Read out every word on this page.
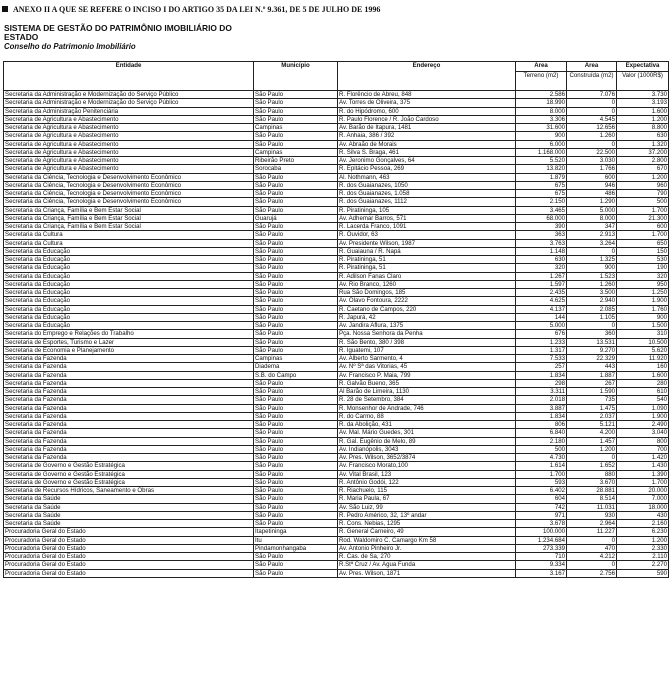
ANEXO II A QUE SE REFERE O INCISO I DO ARTIGO 35 DA LEI N.º 9.361, DE 5 DE JULHO DE 1996
SISTEMA DE GESTÃO DO PATRIMÔNIO IMOBILIÁRIO DO
ESTADO
Conselho do Patrimonio Imobiliário
Entidade	Município	Endereço	Area	Area	Expectativa
			Terreno (m2)	Construída (m2)	Valor (1000R$)
Secretaria da Administração e Modernização do Serviço Público	São Paulo	R. Florêncio de Abreu, 848	2.586	7.076	3.730
Secretaria da Administração e Modernização do Serviço Público	São Paulo	Av. Torres de Oliveira, 375	18.990	0	3.193
Secretaria da Administração Penitenciária	São Paulo	R. do Hipódromo, 600	8.000	0	1.600
Secretaria de Agricultura e Abastecimento	São Paulo	R. Paulo Florence / R. João Cardoso	3.306	4.545	1.200
Secretaria de Agricultura e Abastecimento	Campinas	Av. Barão de Itapura, 1481	31.600	12.656	8.800
Secretaria de Agricultura e Abastecimento	São Paulo	R. Anhaia, 386 / 392	900	1.260	630
Secretaria de Agricultura e Abastecimento	São Paulo	Av. Abraão de Morais	6.000	0	1.320
Secretaria de Agricultura e Abastecimento	Campinas	R. Silva S. Braga, 461	1.168.000	22.500	37.200
Secretaria de Agricultura e Abastecimento	Ribeirão Preto	Av. Jeronimo Gonçalves, 64	5.520	3.030	2.800
Secretaria de Agricultura e Abastecimento	Sorocaba	R. Epitácio Pessoa, 269	13.820	1.766	670
Secretaria da Ciência, Tecnologia e Desenvolvimento Econômico	São Paulo	Al. Nothmann, 463	1.879	600	1.200
Secretaria da Ciência, Tecnologia e Desenvolvimento Econômico	São Paulo	R. dos Guaianazes, 1050	675	946	960
Secretaria da Ciência, Tecnologia e Desenvolvimento Econômico	São Paulo	R. dos Guaianazes, 1.058	675	486	790
Secretaria da Ciência, Tecnologia e Desenvolvimento Econômico	São Paulo	R. dos Guaianazes, 1112	2.150	1.290	500
Secretaria da Criança, Família e Bem Estar Social	São Paulo	R. Piratininga, 105	3.465	5.000	1.700
Secretaria da Criança, Família e Bem Estar Social	Guarujá	Av. Adhemar Barros, 571	68.000	8.000	21.300
Secretaria da Criança, Família e Bem Estar Social	São Paulo	R. Lacerda Franco, 1091	390	347	600
Secretaria da Cultura	São Paulo	R. Ouvidor, 63	363	2.913	1.700
Secretaria da Cultura	São Paulo	Av. Presidente Wilson, 1987	3.763	3.264	650
Secretaria da Educação	São Paulo	R. Guaiauna / R. Napá	1.148	0	150
Secretaria da Educação	São Paulo	R. Piratininga, 51	630	1.325	530
Secretaria da Educação	São Paulo	R. Piratininga, 51	320	900	190
Secretaria da Educação	São Paulo	R. Adilson Fanas Claro	1.267	1.523	320
Secretaria da Educação	São Paulo	Av. Rio Branco, 1260	1.597	1.260	950
Secretaria da Educação	São Paulo	Rua São Domingos, 185	2.435	3.500	1.250
Secretaria da Educação	São Paulo	Av. Olavo Fontoura, 2222	4.625	2.940	1.900
Secretaria da Educação	São Paulo	R. Caetano de Campos, 220	4.137	2.085	1.760
Secretaria da Educação	São Paulo	R. Japurá, 42	144	1.105	900
Secretaria da Educação	São Paulo	Av. Jandira Aflura, 1375	5.000	0	1.500
Secretaria do Emprego e Relações do Trabalho	São Paulo	Pça. Nossa Senhora da Penha	676	360	310
Secretaria de Esportes, Turismo e Lazer	São Paulo	R. São Bento, 380 / 398	1.233	13.531	10.500
Secretaria de Economia e Planejamento	São Paulo	R. Iguatemi, 107	1.317	9.270	5.620
Secretaria da Fazenda	Campinas	Av. Alberto Sarmento, 4	7.533	22.329	11.920
Secretaria da Fazenda	Diadema	Av. Nº Sª das Vitorias, 45	257	443	160
Secretaria da Fazenda	S.B. do Campo	Av. Francisco P. Maia, 799	1.834	1.887	1.600
Secretaria da Fazenda	São Paulo	R. Galvão Bueno, 365	298	267	280
Secretaria da Fazenda	São Paulo	Al Barão de Limeira, 1130	3.311	1.590	610
Secretaria da Fazenda	São Paulo	R. 28 de Setembro, 384	2.018	735	540
Secretaria da Fazenda	São Paulo	R. Monsenhor de Andrade, 746	3.887	1.475	1.090
Secretaria da Fazenda	São Paulo	R. do Carmo, 88	1.834	2.037	1.900
Secretaria da Fazenda	São Paulo	R. da Abolição, 431	806	5.121	2.490
Secretaria da Fazenda	São Paulo	Av. Mal. Mário Guedes, 301	6.840	4.200	3.040
Secretaria da Fazenda	São Paulo	R. Gal. Eugênio de Melo, 89	2.180	1.457	800
Secretaria da Fazenda	São Paulo	Av. Indianópolis, 3043	500	1.200	700
Secretaria da Fazenda	São Paulo	Av. Pres. Wilson, 3652/3874	4.730	0	1.420
Secretaria de Governo e Gestão Estratégica	São Paulo	Av. Francisco Morato,100	1.614	1.652	1.430
Secretaria de Governo e Gestão Estratégica	São Paulo	Av. Vital Brasil, 123	1.700	880	1.390
Secretaria de Governo e Gestão Estratégica	São Paulo	R. Antônio Godói, 122	593	3.670	1.700
Secretaria de Recursos Hídricos, Saneamento e Obras	São Paulo	R. Riachuelo, 115	6.402	28.881	20.000
Secretaria da Saúde	São Paulo	R. Maria Paula, 67	604	8.514	7.000
Secretaria da Saúde	São Paulo	Av. São Luiz, 99	742	11.031	18.000
Secretaria da Saúde	São Paulo	R. Pedro Américo, 32, 13º andar	971	930	430
Secretaria da Saúde	São Paulo	R. Cons. Nebias, 1295	3.678	2.964	2.160
Procuradoria Geral do Estado	Itapetininga	R. General Carneiro, 49	100.000	11.227	6.230
Procuradoria Geral do Estado	Itu	Rod. Waldomiro C. Camargo Km 58	1.234.684	0	1.200
Procuradoria Geral do Estado	Pindamonhangaba	Av. Antonio Pinheiro Jr.	273.339	470	2.330
Procuradoria Geral do Estado	São Paulo	R. Cas. de Sa, 270	710	4.212	2.110
Procuradoria Geral do Estado	São Paulo	R.Stª Cruz / Av. Agua Funda	9.334	0	2.270
Procuradoria Geral do Estado	São Paulo	Av. Pres. Wilson, 1871	3.167	2.756	590
